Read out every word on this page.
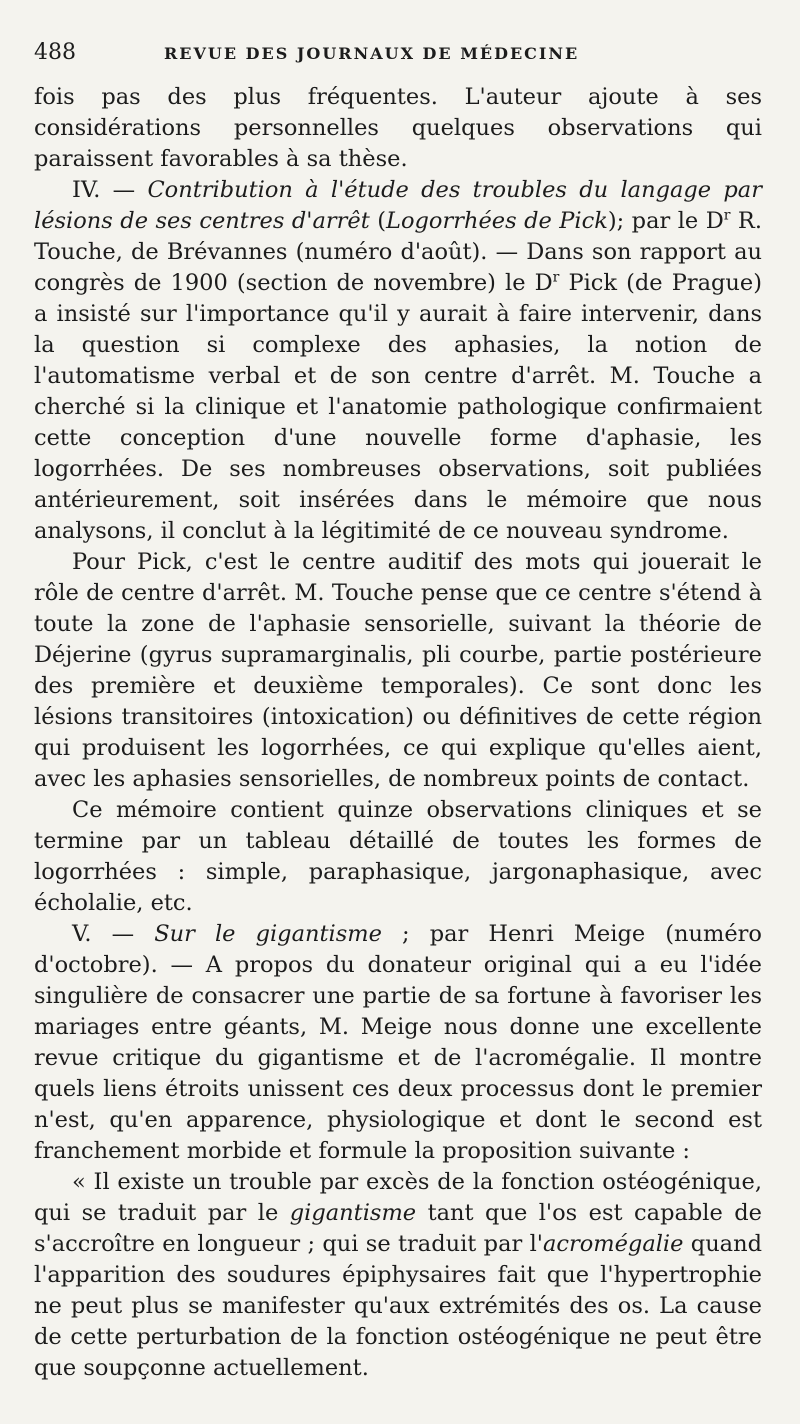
488	REVUE DES JOURNAUX DE MÉDECINE

fois pas des plus fréquentes. L'auteur ajoute à ses considérations personnelles quelques observations qui paraissent favorables à sa thèse.

IV. — Contribution à l'étude des troubles du langage par lésions de ses centres d'arrêt (Logorrhées de Pick); par le $D^r$ R. Touche, de Brévannes (numéro d'août). — Dans son rapport au congrès de 1900 (section de novembre) le $D^r$ Pick (de Prague) a insisté sur l'importance qu'il y aurait à faire intervenir, dans la question si complexe des aphasies, la notion de l'automatisme verbal et de son centre d'arrêt. M. Touche a cherché si la clinique et l'anatomie pathologique confirmaient cette conception d'une nouvelle forme d'aphasie, les logorrhées. De ses nombreuses observations, soit publiées antérieurement, soit insérées dans le mémoire que nous analysons, il conclut à la légitimité de ce nouveau syndrome.

Pour Pick, c'est le centre auditif des mots qui jouerait le rôle de centre d'arrêt. M. Touche pense que ce centre s'étend à toute la zone de l'aphasie sensorielle, suivant la théorie de Déjerine (gyrus supramarginalis, pli courbe, partie postérieure des première et deuxième temporales). Ce sont donc les lésions transitoires (intoxication) ou définitives de cette région qui produisent les logorrhées, ce qui explique qu'elles aient, avec les aphasies sensorielles, de nombreux points de contact.

Ce mémoire contient quinze observations cliniques et se termine par un tableau détaillé de toutes les formes de logorrhées : simple, paraphasique, jargonaphasique, avec écholalie, etc.

V. — Sur le gigantisme ; par Henri Meige (numéro d'octobre). — A propos du donateur original qui a eu l'idée singulière de consacrer une partie de sa fortune à favoriser les mariages entre géants, M. Meige nous donne une excellente revue critique du gigantisme et de l'acromégalie. Il montre quels liens étroits unissent ces deux processus dont le premier n'est, qu'en apparence, physiologique et dont le second est franchement morbide et formule la proposition suivante :

« Il existe un trouble par excès de la fonction ostéogénique, qui se traduit par le gigantisme tant que l'os est capable de s'accroître en longueur ; qui se traduit par l'acromégalie quand l'apparition des soudures épiphysaires fait que l'hypertrophie ne peut plus se manifester qu'aux extrémités des os. La cause de cette perturbation de la fonction ostéogénique ne peut être que soupçonne actuellement.
